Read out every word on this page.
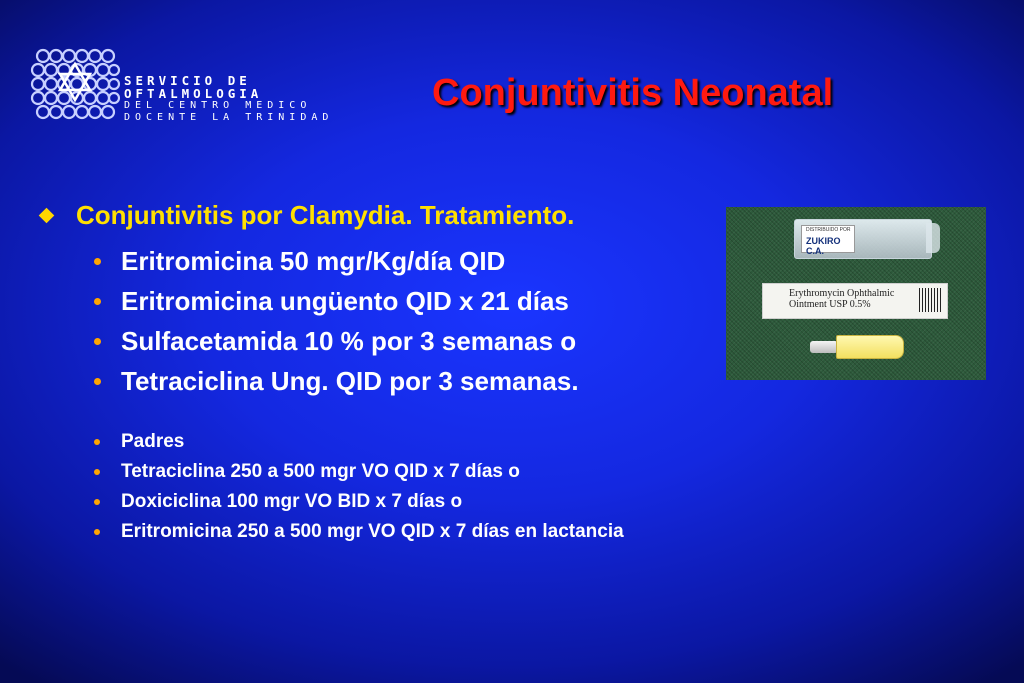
SERVICIO DE
OFTALMOLOGIA
DEL CENTRO MEDICO
DOCENTE LA TRINIDAD
Conjuntivitis Neonatal
Conjuntivitis por Clamydia. Tratamiento.
Eritromicina 50 mgr/Kg/día QID
Eritromicina ungüento QID x 21 días
Sulfacetamida 10 % por 3 semanas o
Tetraciclina Ung. QID por 3 semanas.
Padres
Tetraciclina 250 a 500 mgr VO QID x 7 días o
Doxiciclina 100 mgr VO BID x 7 días o
Eritromicina 250 a 500 mgr VO QID x 7 días en lactancia
DISTRIBUIDO POR
ZUKIRO C.A.
Erythromycin Ophthalmic
Ointment USP 0.5%
